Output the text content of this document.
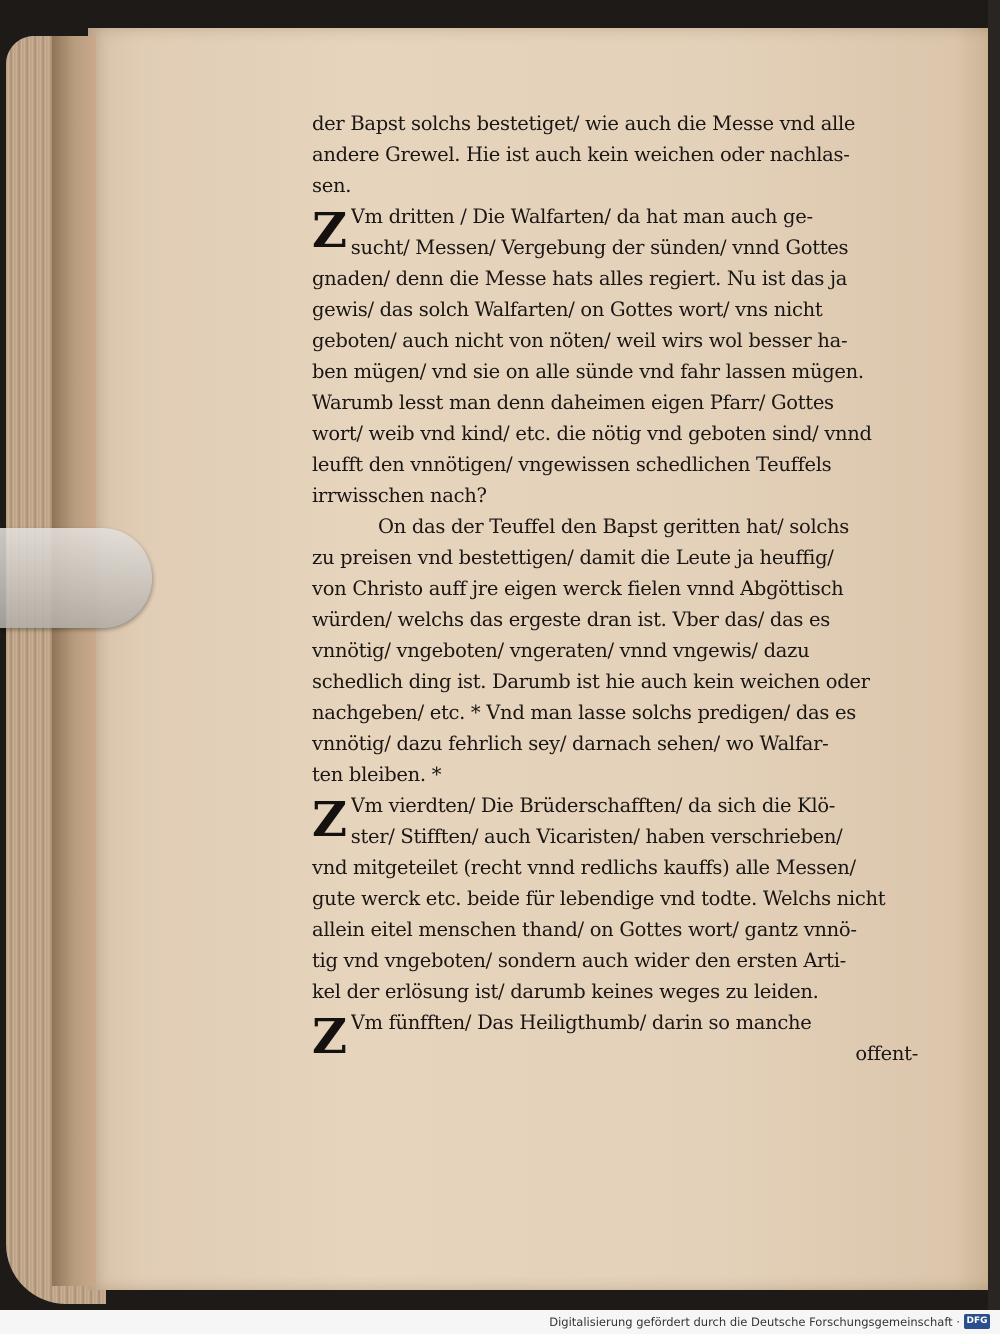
der Bapst solchs bestetiget/ wie auch die Messe vnd alle
andere Grewel. Hie ist auch kein weichen oder nachlas-
sen.
Z Vm dritten / Die Walfarten/ da hat man auch ge-
sucht/ Messen/ Vergebung der sünden/ vnnd Gottes
gnaden/ denn die Messe hats alles regiert. Nu ist das ja
gewis/ das solch Walfarten/ on Gottes wort/ vns nicht
geboten/ auch nicht von nöten/ weil wirs wol besser ha-
ben mügen/ vnd sie on alle sünde vnd fahr lassen mügen.
Warumb lesst man denn daheimen eigen Pfarr/ Gottes
wort/ weib vnd kind/ etc. die nötig vnd geboten sind/ vnnd
leufft den vnnötigen/ vngewissen schedlichen Teuffels
irrwisschen nach?
On das der Teuffel den Bapst geritten hat/ solchs
zu preisen vnd bestettigen/ damit die Leute ja heuffig/
von Christo auff jre eigen werck fielen vnnd Abgöttisch
würden/ welchs das ergeste dran ist. Vber das/ das es
vnnötig/ vngeboten/ vngeraten/ vnnd vngewis/ dazu
schedlich ding ist. Darumb ist hie auch kein weichen oder
nachgeben/ etc. * Vnd man lasse solchs predigen/ das es
vnnötig/ dazu fehrlich sey/ darnach sehen/ wo Walfar-
ten bleiben. *
Z Vm vierdten/ Die Brüderschafften/ da sich die Klö-
ster/ Stifften/ auch Vicaristen/ haben verschrieben/
vnd mitgeteilet (recht vnnd redlichs kauffs) alle Messen/
gute werck etc. beide für lebendige vnd todte. Welchs nicht
allein eitel menschen thand/ on Gottes wort/ gantz vnnö-
tig vnd vngeboten/ sondern auch wider den ersten Arti-
kel der erlösung ist/ darumb keines weges zu leiden.
Z Vm fünfften/ Das Heiligthumb/ darin so manche
offent-
Digitalisierung gefördert durch die Deutsche Forschungsgemeinschaft · DFG
